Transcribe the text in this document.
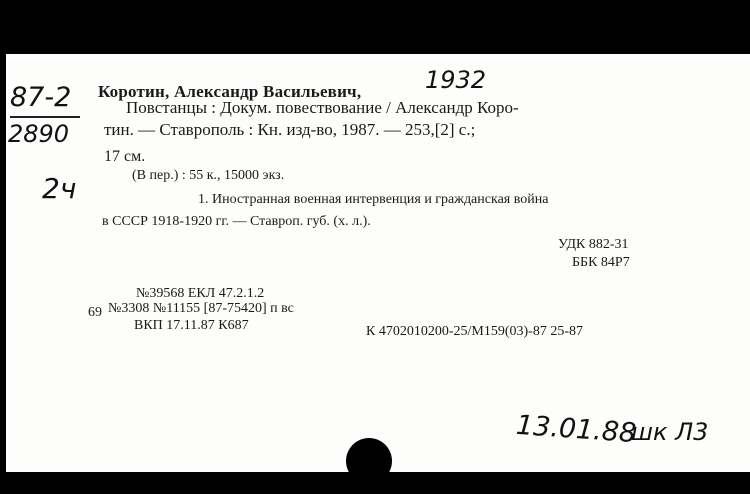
87-2
2890
Коротин, Александр Васильевич,	1932
Повстанцы : Докум. повествование / Александр Коро-
тин. — Ставрополь : Кн. изд-во, 1987. — 253,[2] с.;
17 см.
(В пер.) : 55 к., 15000 экз.
2ч	1. Иностранная военная интервенция и гражданская война
в СССР 1918-1920 гг. — Ставроп. губ. (х. л.).
УДК 882-31
ББК 84Р7
№39568 ЕКЛ 47.2.1.2
69 №3308 №11155 [87-75420] п вс
ВКП 17.11.87 К687	К 4702010200-25/М159(03)-87 25-87
13.01.88
шк Л3
